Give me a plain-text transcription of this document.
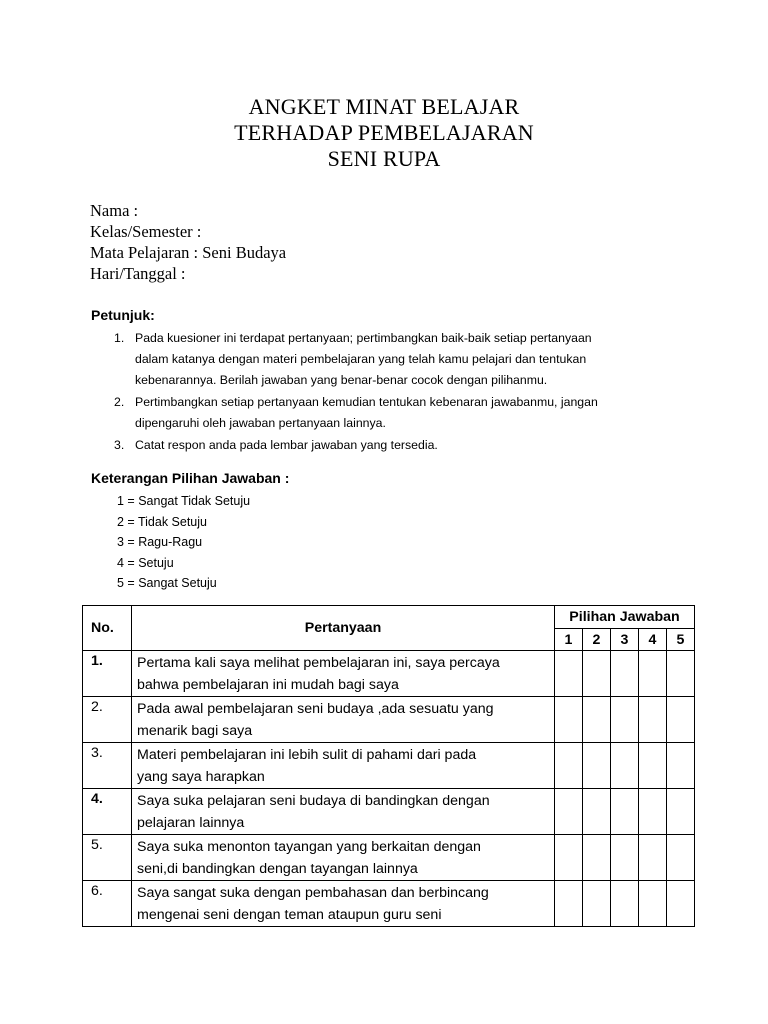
ANGKET MINAT BELAJAR
TERHADAP PEMBELAJARAN
SENI RUPA
Nama :
Kelas/Semester :
Mata Pelajaran : Seni Budaya
Hari/Tanggal :
Petunjuk:
1. Pada kuesioner ini terdapat pertanyaan; pertimbangkan baik-baik setiap pertanyaan
dalam katanya dengan materi pembelajaran yang telah kamu pelajari dan tentukan
kebenarannya. Berilah jawaban yang benar-benar cocok dengan pilihanmu.
2. Pertimbangkan setiap pertanyaan kemudian tentukan kebenaran jawabanmu, jangan
dipengaruhi oleh jawaban pertanyaan lainnya.
3. Catat respon anda pada lembar jawaban yang tersedia.
Keterangan Pilihan Jawaban :
1 = Sangat Tidak Setuju
2 = Tidak Setuju
3 = Ragu-Ragu
4 = Setuju
5 = Sangat Setuju
No.	Pertanyaan	Pilihan Jawaban				
		1	2	3	4	5
1.	Pertama kali saya melihat pembelajaran ini, saya percaya
bahwa pembelajaran ini mudah bagi saya					

2.	Pada awal pembelajaran seni budaya ,ada sesuatu yang
menarik bagi saya					

3.	Materi pembelajaran ini lebih sulit di pahami dari pada
yang saya harapkan					

4.	Saya suka pelajaran seni budaya di bandingkan dengan
pelajaran lainnya					

5.	Saya suka menonton tayangan yang berkaitan dengan
seni,di bandingkan dengan tayangan lainnya					

6.	Saya sangat suka dengan pembahasan dan berbincang
mengenai seni dengan teman ataupun guru seni					
